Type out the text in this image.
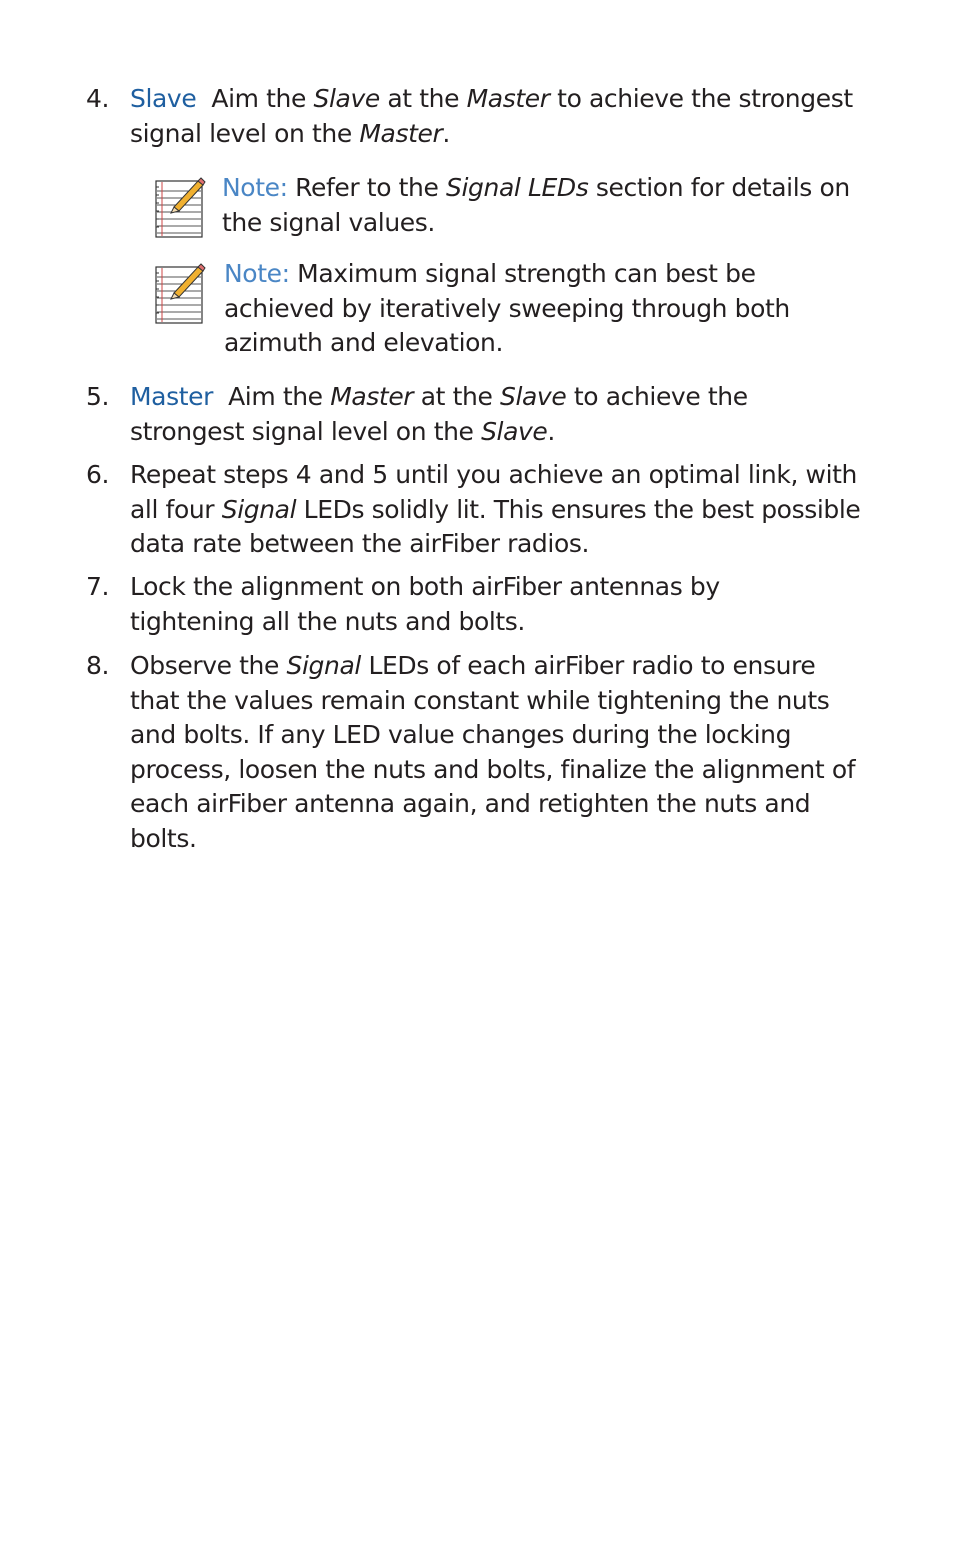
4. Slave Aim the Slave at the Master to achieve the strongest signal level on the Master.
Note: Refer to the Signal LEDs section for details on the signal values.
Note: Maximum signal strength can best be achieved by iteratively sweeping through both azimuth and elevation.
5. Master Aim the Master at the Slave to achieve the strongest signal level on the Slave.
6. Repeat steps 4 and 5 until you achieve an optimal link, with all four Signal LEDs solidly lit. This ensures the best possible data rate between the airFiber radios.
7. Lock the alignment on both airFiber antennas by tightening all the nuts and bolts.
8. Observe the Signal LEDs of each airFiber radio to ensure that the values remain constant while tightening the nuts and bolts. If any LED value changes during the locking process, loosen the nuts and bolts, finalize the alignment of each airFiber antenna again, and retighten the nuts and bolts.
